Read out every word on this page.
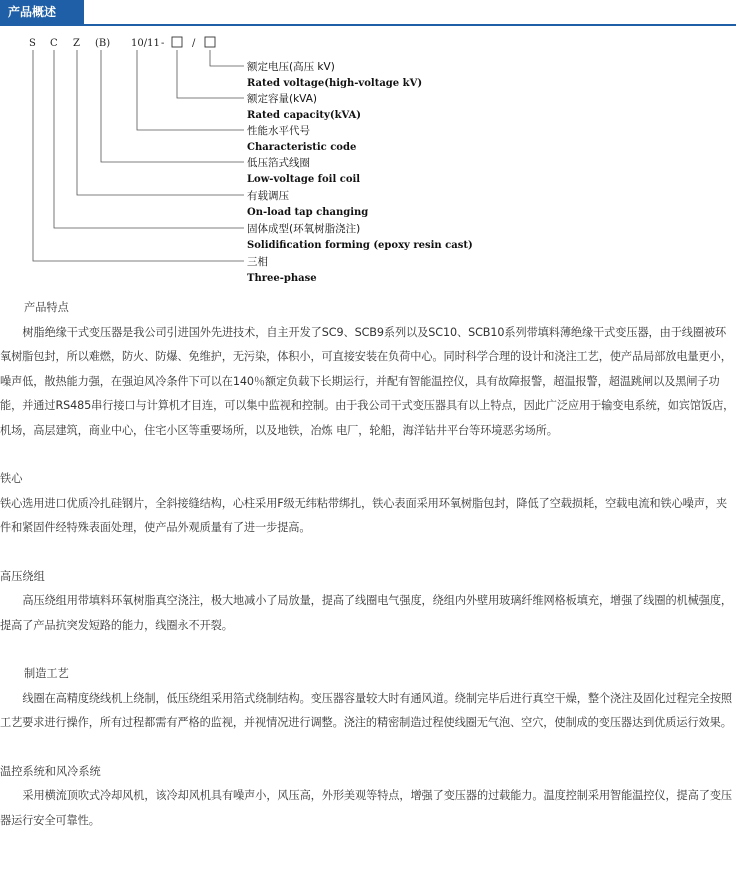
产品概述
S C Z (B) 10/11 -	/
额定电压(高压 kV)
Rated voltage(high-voltage kV)
额定容量(kVA)
Rated capacity(kVA)
性能水平代号
Characteristic code
低压箔式线圈
Low-voltage foil coil
有载调压
On-load tap changing
固体成型(环氧树脂浇注)
Solidification forming (epoxy resin cast)
三相
Three-phase

产品特点

树脂绝缘干式变压器是我公司引进国外先进技术，自主开发了SC9、SCB9系列以及SC10、SCB10系列带填料薄绝缘干式变压器，由于线圈被环氧树脂包封，所以难燃，防火、防爆、免维护，无污染，体积小，可直接安装在负荷中心。同时科学合理的设计和浇注工艺，使产品局部放电量更小，噪声低，散热能力强，在强迫风冷条件下可以在140％额定负载下长期运行，并配有智能温控仪，具有故障报警，超温报警，超温跳闸以及黑闸子功能，并通过RS485串行接口与计算机才目连，可以集中监视和控制。由于我公司干式变压器具有以上特点，因此广泛应用于输变电系统，如宾馆饭店，机场，高层建筑，商业中心，住宅小区等重要场所，以及地铁，冶炼 电厂，轮船，海洋钻井平台等环境恶劣场所。

铁心

铁心选用进口优质冷扎硅钢片，全斜接缝结构，心柱采用F级无纬粘带绑扎，铁心表面采用环氧树脂包封，降低了空载损耗，空载电流和铁心噪声，夹件和紧固件经特殊表面处理，使产品外观质量有了进一步提高。

高压绕组

高压绕组用带填料环氧树脂真空浇注，极大地减小了局放量，提高了线圈电气强度，绕组内外壁用玻璃纤维网格板填充，增强了线圈的机械强度，提高了产品抗突发短路的能力，线圈永不开裂。

制造工艺

线圈在高精度绕线机上绕制，低压绕组采用箔式绕制结构。变压器容量较大时有通风道。绕制完毕后进行真空干燥，整个浇注及固化过程完全按照工艺要求进行操作，所有过程都需有严格的监视，并视情况进行调整。浇注的精密制造过程使线圈无气泡、空穴，使制成的变压器达到优质运行效果。

温控系统和风冷系统

采用横流顶吹式冷却风机，该冷却风机具有噪声小，风压高，外形美观等特点，增强了变压器的过载能力。温度控制采用智能温控仪，提高了变压器运行安全可靠性。
